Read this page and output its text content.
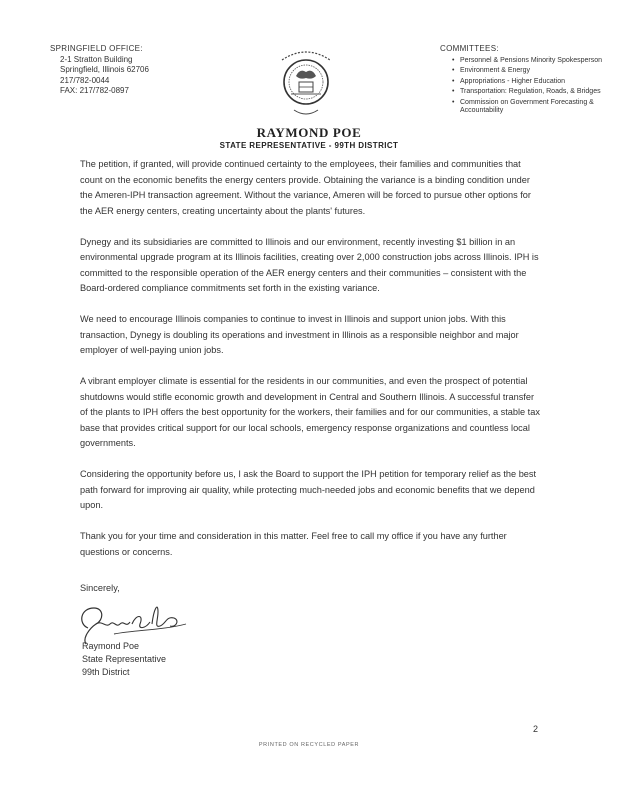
SPRINGFIELD OFFICE:
2-1 Stratton Building
Springfield, Illinois 62706
217/782-0044
FAX: 217/782-0897
COMMITTEES:
• Personnel & Pensions Minority Spokesperson
• Environment & Energy
• Appropriations - Higher Education
• Transportation: Regulation, Roads, & Bridges
• Commission on Government Forecasting & Accountability
RAYMOND POE
STATE REPRESENTATIVE - 99TH DISTRICT

The petition, if granted, will provide continued certainty to the employees, their families and communities that count on the economic benefits the energy centers provide. Obtaining the variance is a binding condition under the Ameren-IPH transaction agreement. Without the variance, Ameren will be forced to pursue other options for the AER energy centers, creating uncertainty about the plants' futures.

Dynegy and its subsidiaries are committed to Illinois and our environment, recently investing $1 billion in an environmental upgrade program at its Illinois facilities, creating over 2,000 construction jobs across Illinois. IPH is committed to the responsible operation of the AER energy centers and their communities – consistent with the Board-ordered compliance commitments set forth in the existing variance.

We need to encourage Illinois companies to continue to invest in Illinois and support union jobs. With this transaction, Dynegy is doubling its operations and investment in Illinois as a responsible neighbor and major employer of well-paying union jobs.

A vibrant employer climate is essential for the residents in our communities, and even the prospect of potential shutdowns would stifle economic growth and development in Central and Southern Illinois. A successful transfer of the plants to IPH offers the best opportunity for the workers, their families and for our communities, a stable tax base that provides critical support for our local schools, emergency response organizations and countless local governments.

Considering the opportunity before us, I ask the Board to support the IPH petition for temporary relief as the best path forward for improving air quality, while protecting much-needed jobs and economic benefits that we depend upon.

Thank you for your time and consideration in this matter. Feel free to call my office if you have any further questions or concerns.

Sincerely,
Raymond Poe
State Representative
99th District
2
PRINTED ON RECYCLED PAPER
